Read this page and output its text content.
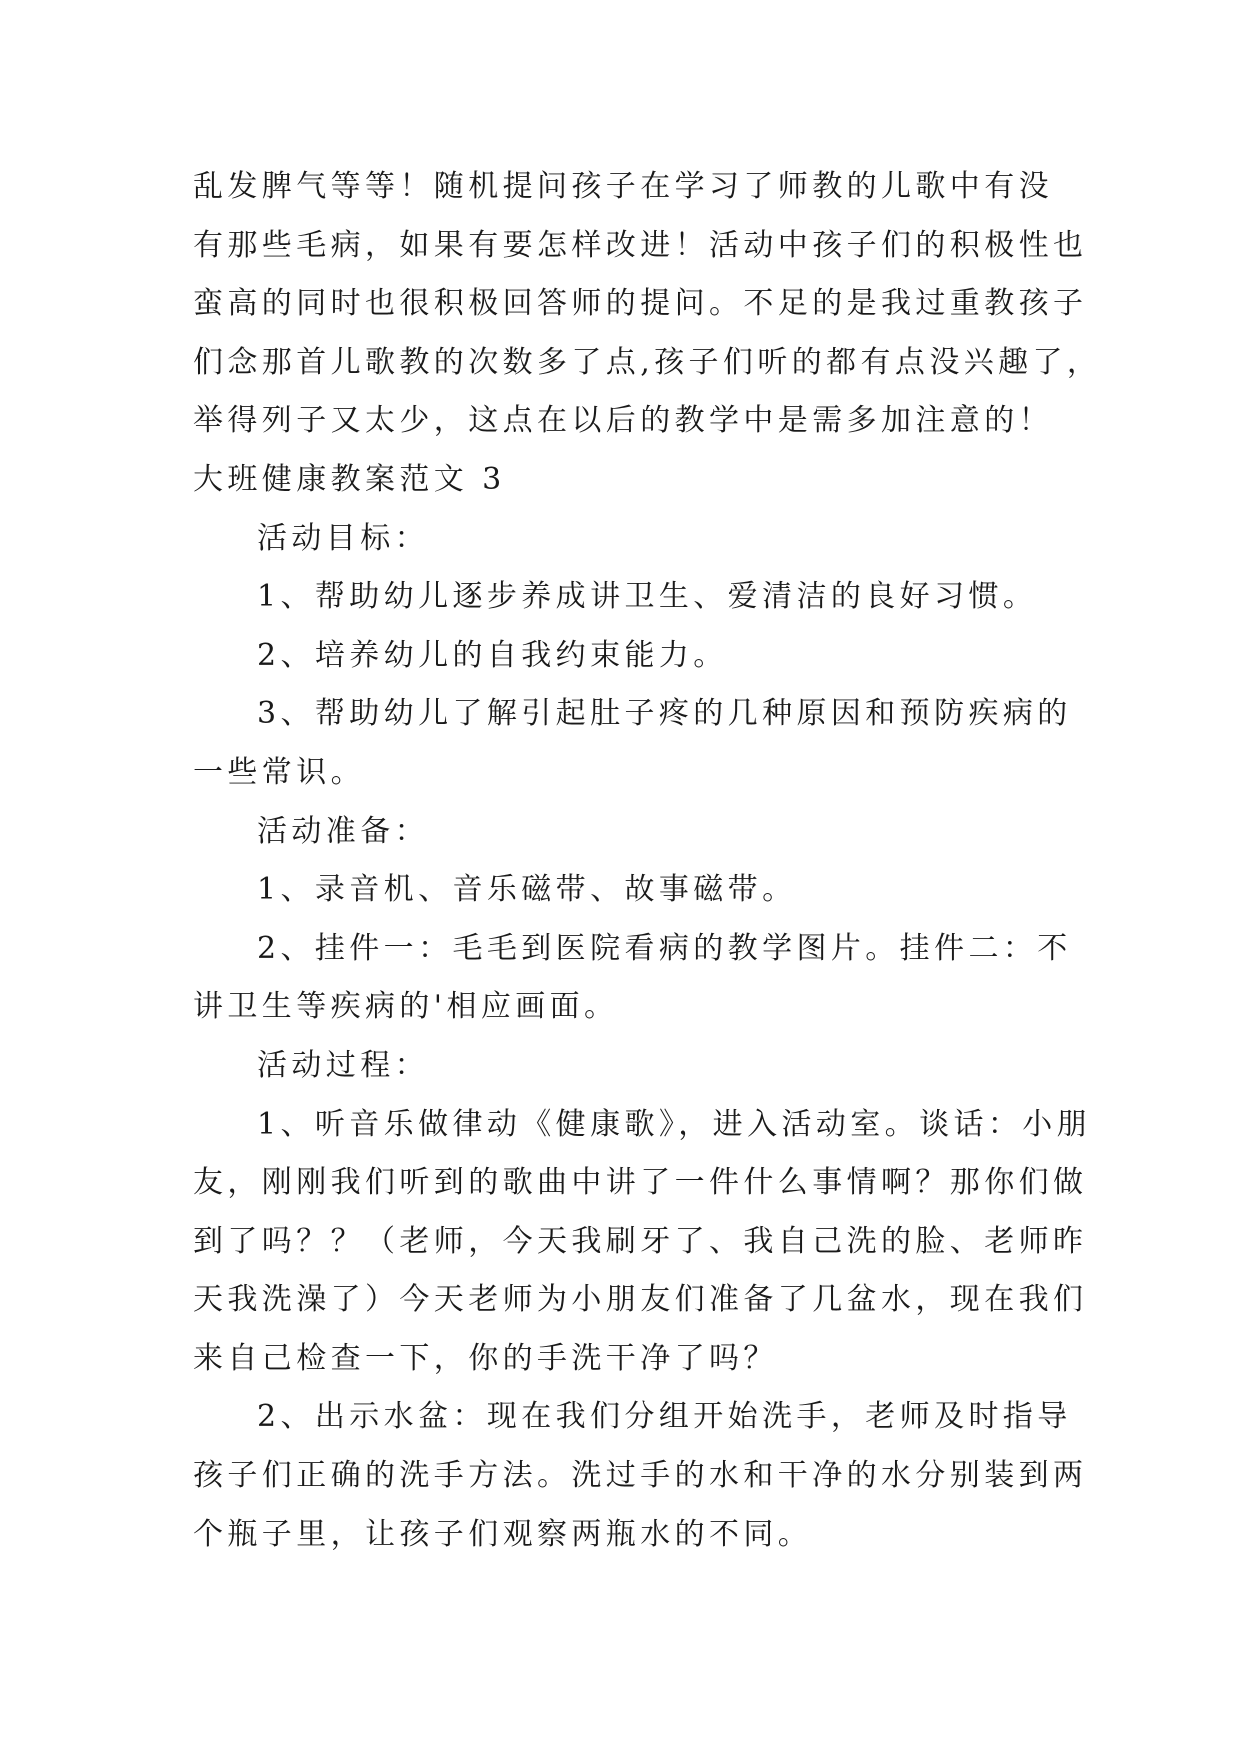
乱发脾气等等！随机提问孩子在学习了师教的儿歌中有没
有那些毛病，如果有要怎样改进！活动中孩子们的积极性也
蛮高的同时也很积极回答师的提问。不足的是我过重教孩子
们念那首儿歌教的次数多了点,孩子们听的都有点没兴趣了，
举得列子又太少，这点在以后的教学中是需多加注意的！
大班健康教案范文 3
活动目标：
1、帮助幼儿逐步养成讲卫生、爱清洁的良好习惯。
2、培养幼儿的自我约束能力。
3、帮助幼儿了解引起肚子疼的几种原因和预防疾病的
一些常识。
活动准备：
1、录音机、音乐磁带、故事磁带。
2、挂件一：毛毛到医院看病的教学图片。挂件二：不
讲卫生等疾病的'相应画面。
活动过程：
1、听音乐做律动《健康歌》，进入活动室。谈话：小朋
友，刚刚我们听到的歌曲中讲了一件什么事情啊？那你们做
到了吗？？（老师，今天我刷牙了、我自己洗的脸、老师昨
天我洗澡了）今天老师为小朋友们准备了几盆水，现在我们
来自己检查一下，你的手洗干净了吗？
2、出示水盆：现在我们分组开始洗手，老师及时指导
孩子们正确的洗手方法。洗过手的水和干净的水分别装到两
个瓶子里，让孩子们观察两瓶水的不同。
